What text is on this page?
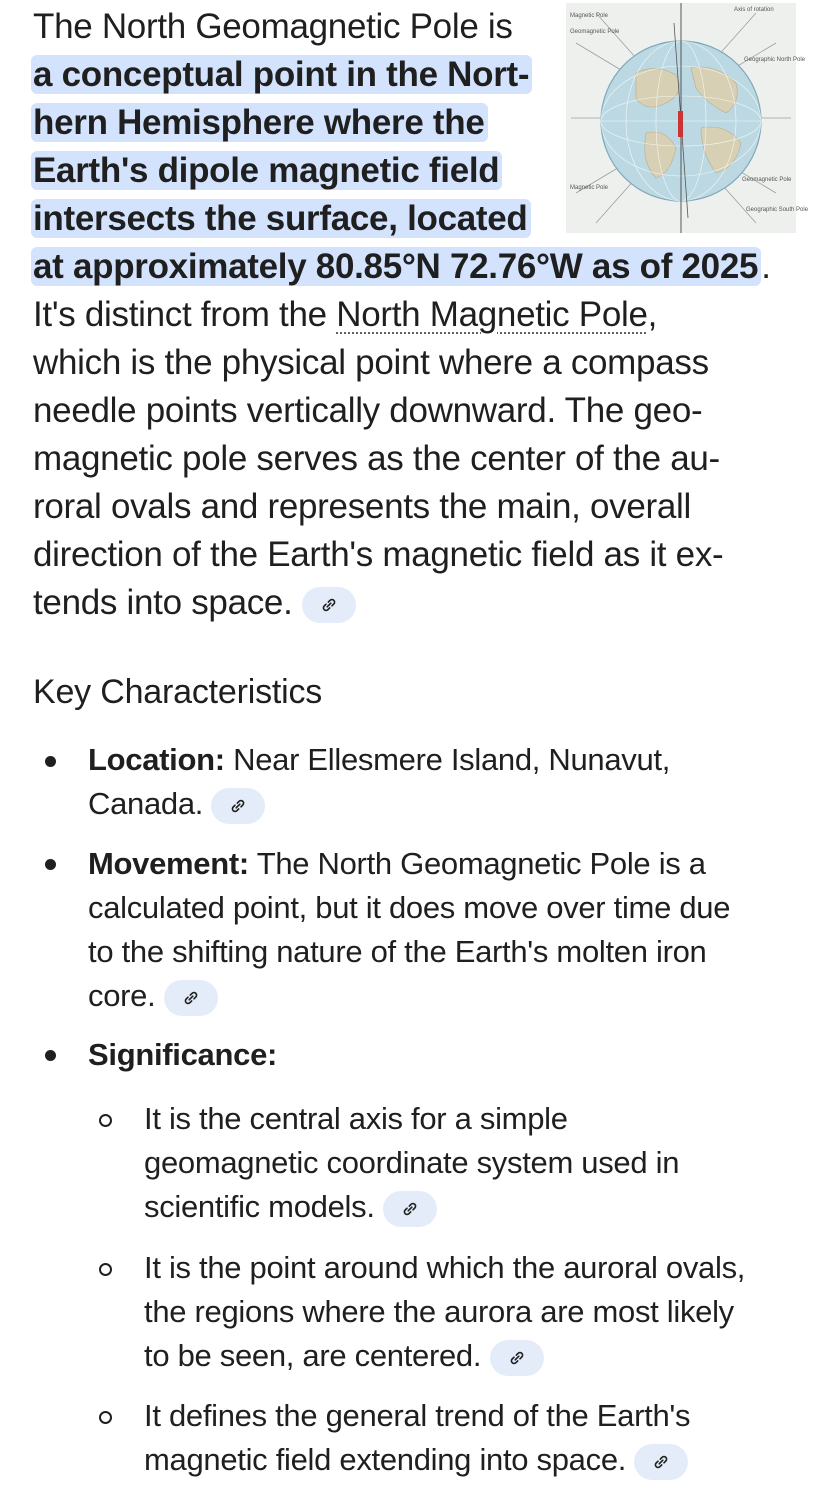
The North Geomagnetic Pole is
a conceptual point in the Nort-
hern Hemisphere where the
Earth's dipole magnetic field
intersects the surface, located
at approximately 80.85°N 72.76°W as of 2025.
It's distinct from the North Magnetic Pole,
which is the physical point where a compass
needle points vertically downward. The geo-
magnetic pole serves as the center of the au-
roral ovals and represents the main, overall
direction of the Earth's magnetic field as it ex-
tends into space.
Magnetic Pole
Geomagnetic Pole
Axis of rotation
Geographic North Pole
Magnetic Pole
Geomagnetic Pole
Geographic South Pole
Key Characteristics
Location: Near Ellesmere Island, Nunavut,
Canada.
Movement: The North Geomagnetic Pole is a
calculated point, but it does move over time due
to the shifting nature of the Earth's molten iron
core.
Significance:
It is the central axis for a simple
geomagnetic coordinate system used in
scientific models.
It is the point around which the auroral ovals,
the regions where the aurora are most likely
to be seen, are centered.
It defines the general trend of the Earth's
magnetic field extending into space.
